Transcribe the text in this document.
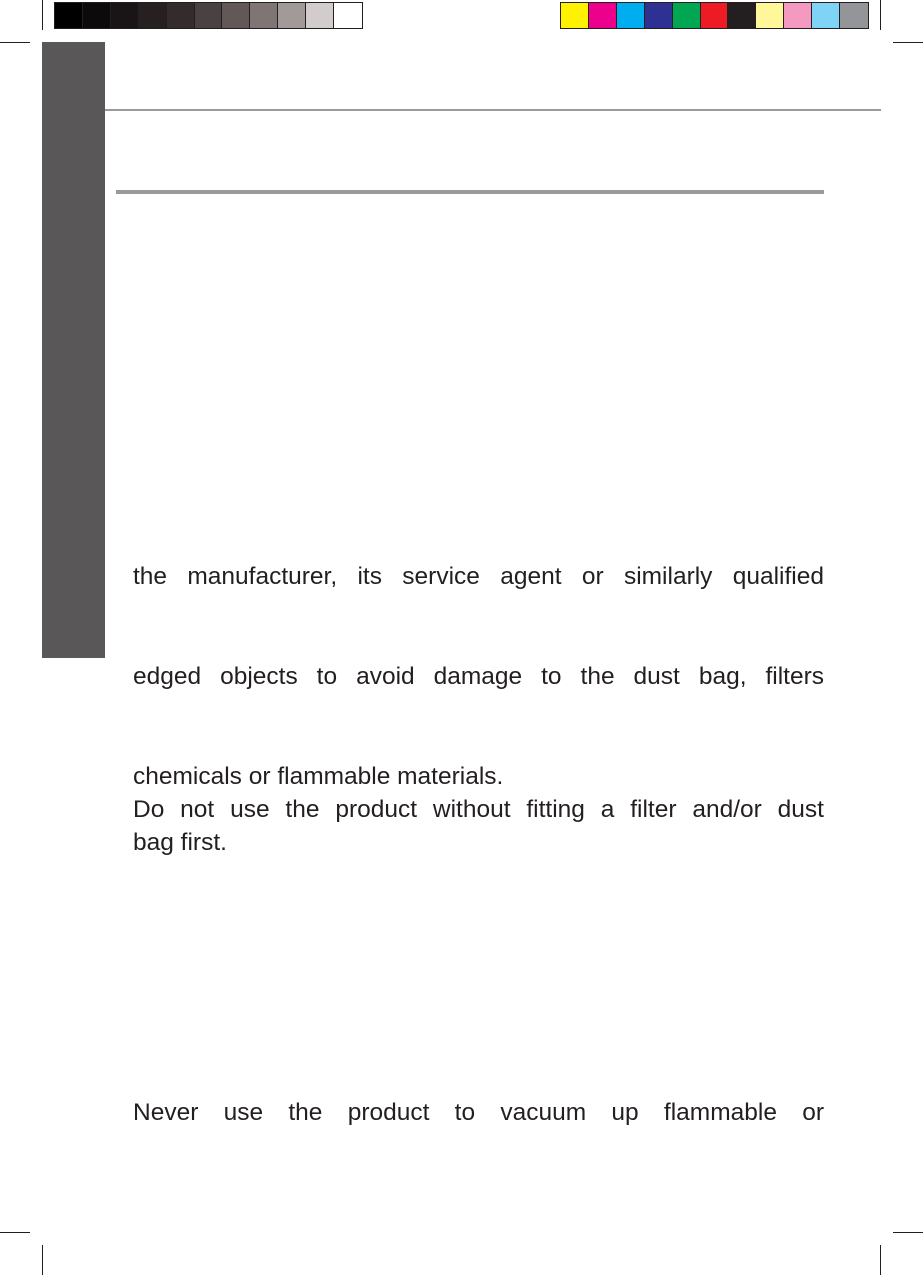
the manufacturer, its service agent or similarly qualified

edged objects to avoid damage to the dust bag, filters

chemicals or flammable materials.

Do not use the product without fitting a filter and/or dust

bag first.

Never use the product to vacuum up flammable or
